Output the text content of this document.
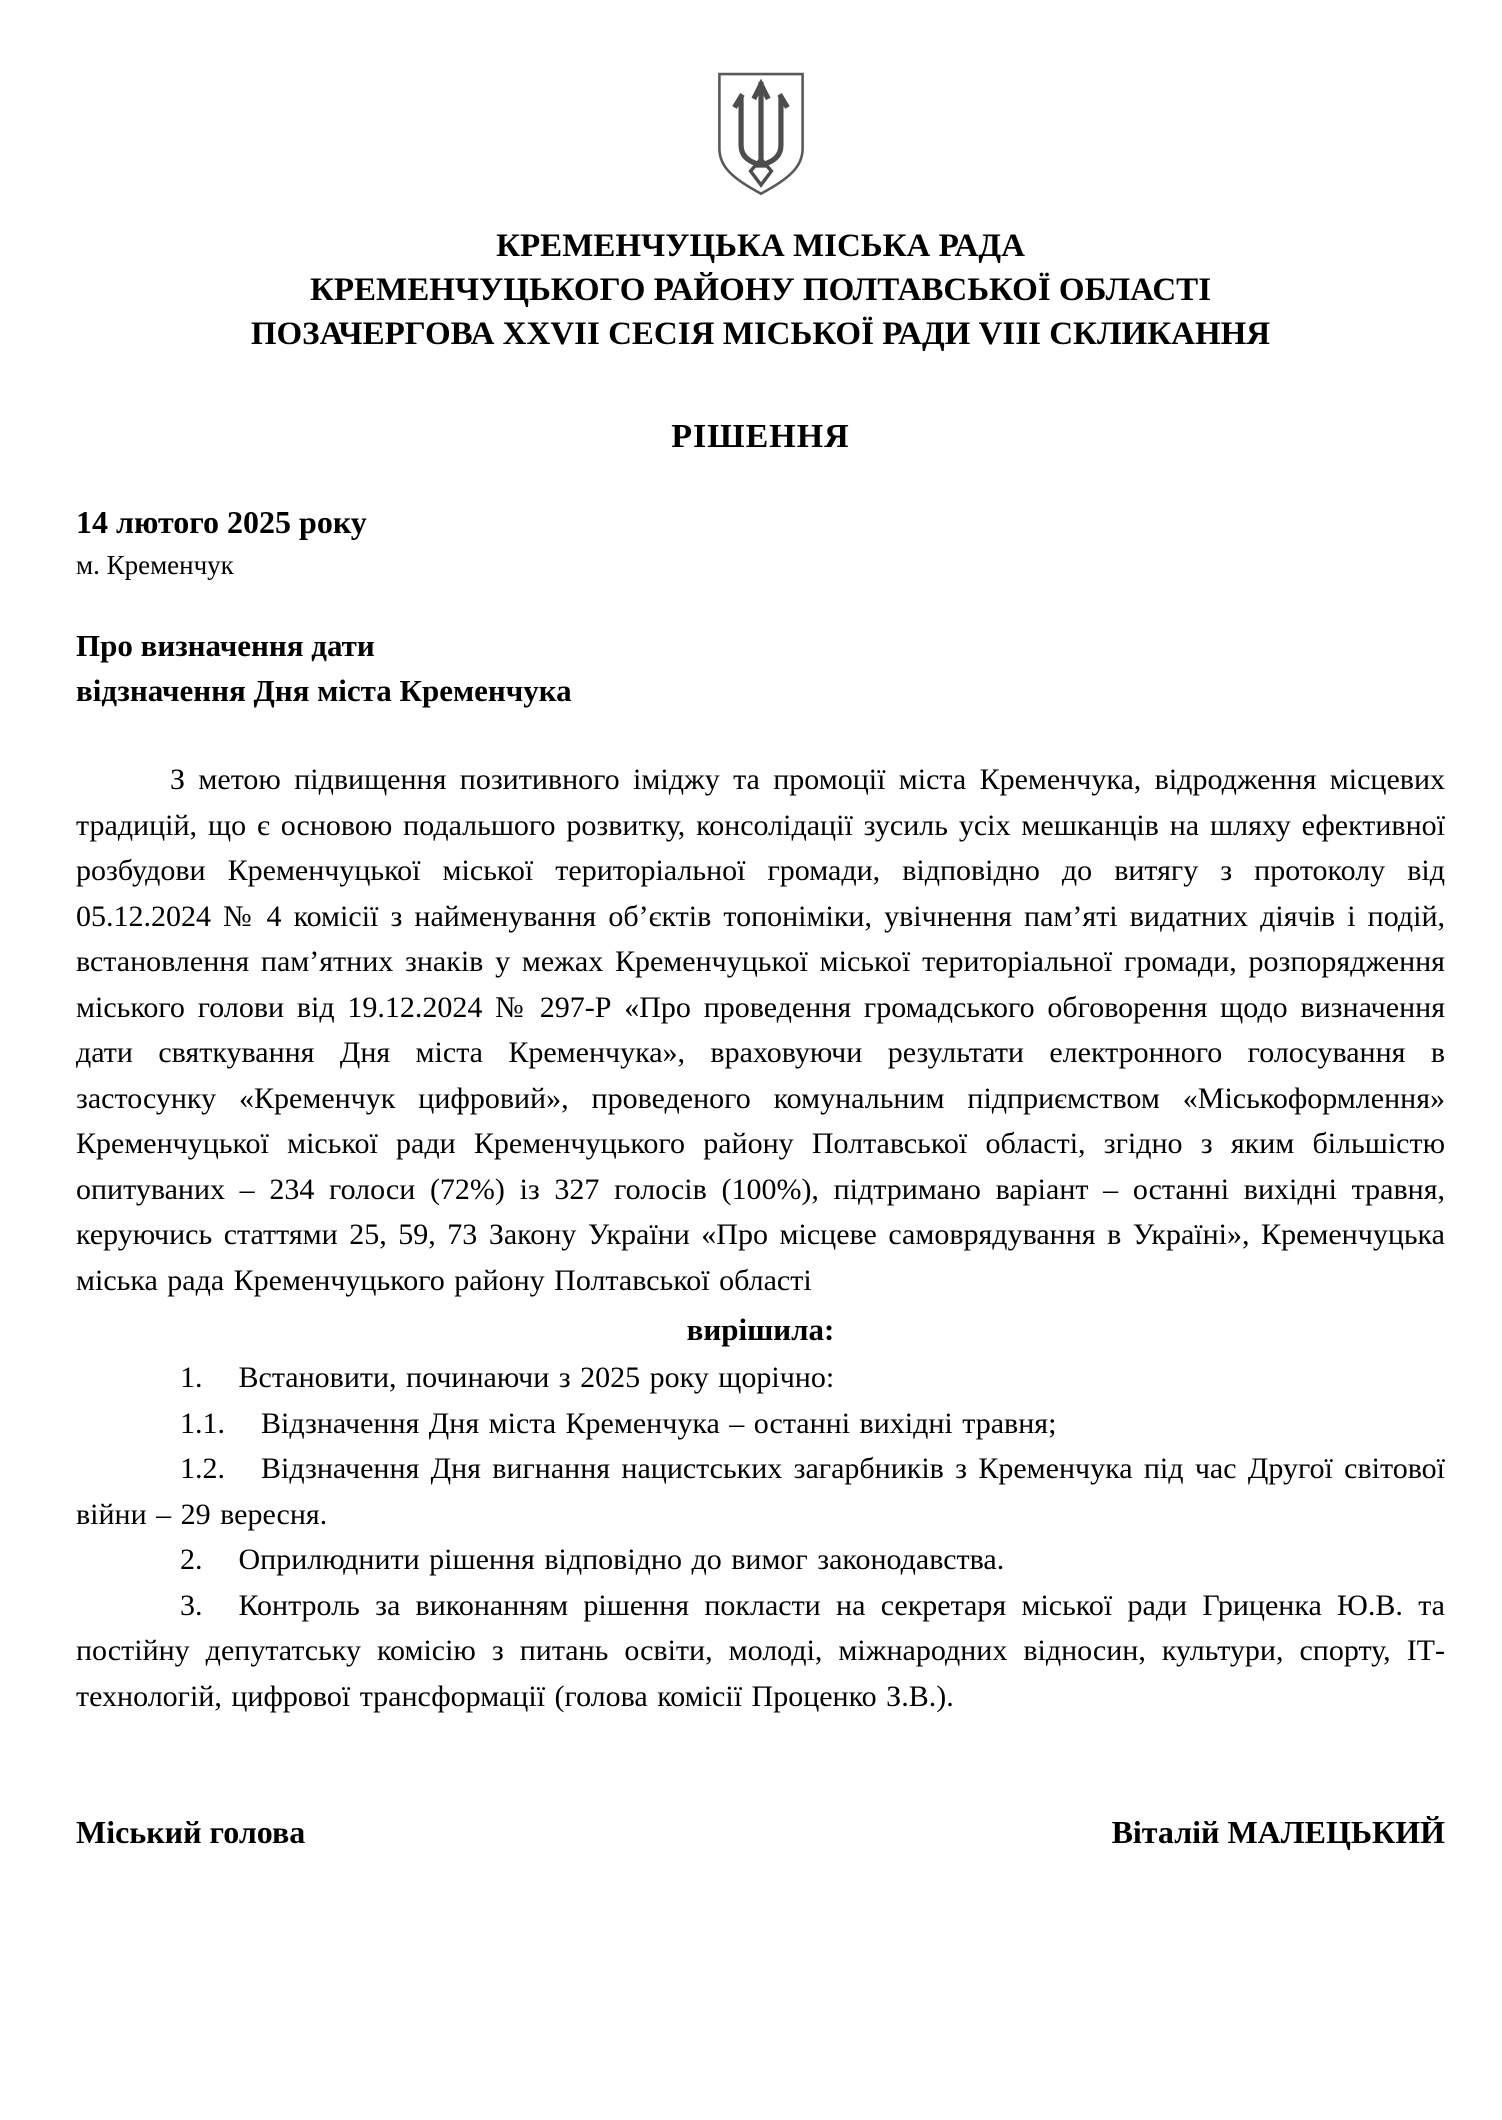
КРЕМЕНЧУЦЬКА МІСЬКА РАДА
КРЕМЕНЧУЦЬКОГО РАЙОНУ ПОЛТАВСЬКОЇ ОБЛАСТІ
ПОЗАЧЕРГОВА XXVII СЕСІЯ МІСЬКОЇ РАДИ VIII СКЛИКАННЯ
РІШЕННЯ
14 лютого 2025 року
м. Кременчук
Про визначення дати
відзначення Дня міста Кременчука
З метою підвищення позитивного іміджу та промоції міста Кременчука, відродження місцевих традицій, що є основою подальшого розвитку, консолідації зусиль усіх мешканців на шляху ефективної розбудови Кременчуцької міської територіальної громади, відповідно до витягу з протоколу від 05.12.2024 № 4 комісії з найменування об’єктів топоніміки, увічнення пам’яті видатних діячів і подій, встановлення пам’ятних знаків у межах Кременчуцької міської територіальної громади, розпорядження міського голови від 19.12.2024 № 297-Р «Про проведення громадського обговорення щодо визначення дати святкування Дня міста Кременчука», враховуючи результати електронного голосування в застосунку «Кременчук цифровий», проведеного комунальним підприємством «Міськоформлення» Кременчуцької міської ради Кременчуцького району Полтавської області, згідно з яким більшістю опитуваних – 234 голоси (72%) із 327 голосів (100%), підтримано варіант – останні вихідні травня, керуючись статтями 25, 59, 73 Закону України «Про місцеве самоврядування в Україні», Кременчуцька міська рада Кременчуцького району Полтавської області
вирішила:
1. Встановити, починаючи з 2025 року щорічно:
1.1. Відзначення Дня міста Кременчука – останні вихідні травня;
1.2. Відзначення Дня вигнання нацистських загарбників з Кременчука під час Другої світової війни – 29 вересня.
2. Оприлюднити рішення відповідно до вимог законодавства.
3. Контроль за виконанням рішення покласти на секретаря міської ради Гриценка Ю.В. та постійну депутатську комісію з питань освіти, молоді, міжнародних відносин, культури, спорту, ІТ-технологій, цифрової трансформації (голова комісії Проценко З.В.).
Міський голова	Віталій МАЛЕЦЬКИЙ
